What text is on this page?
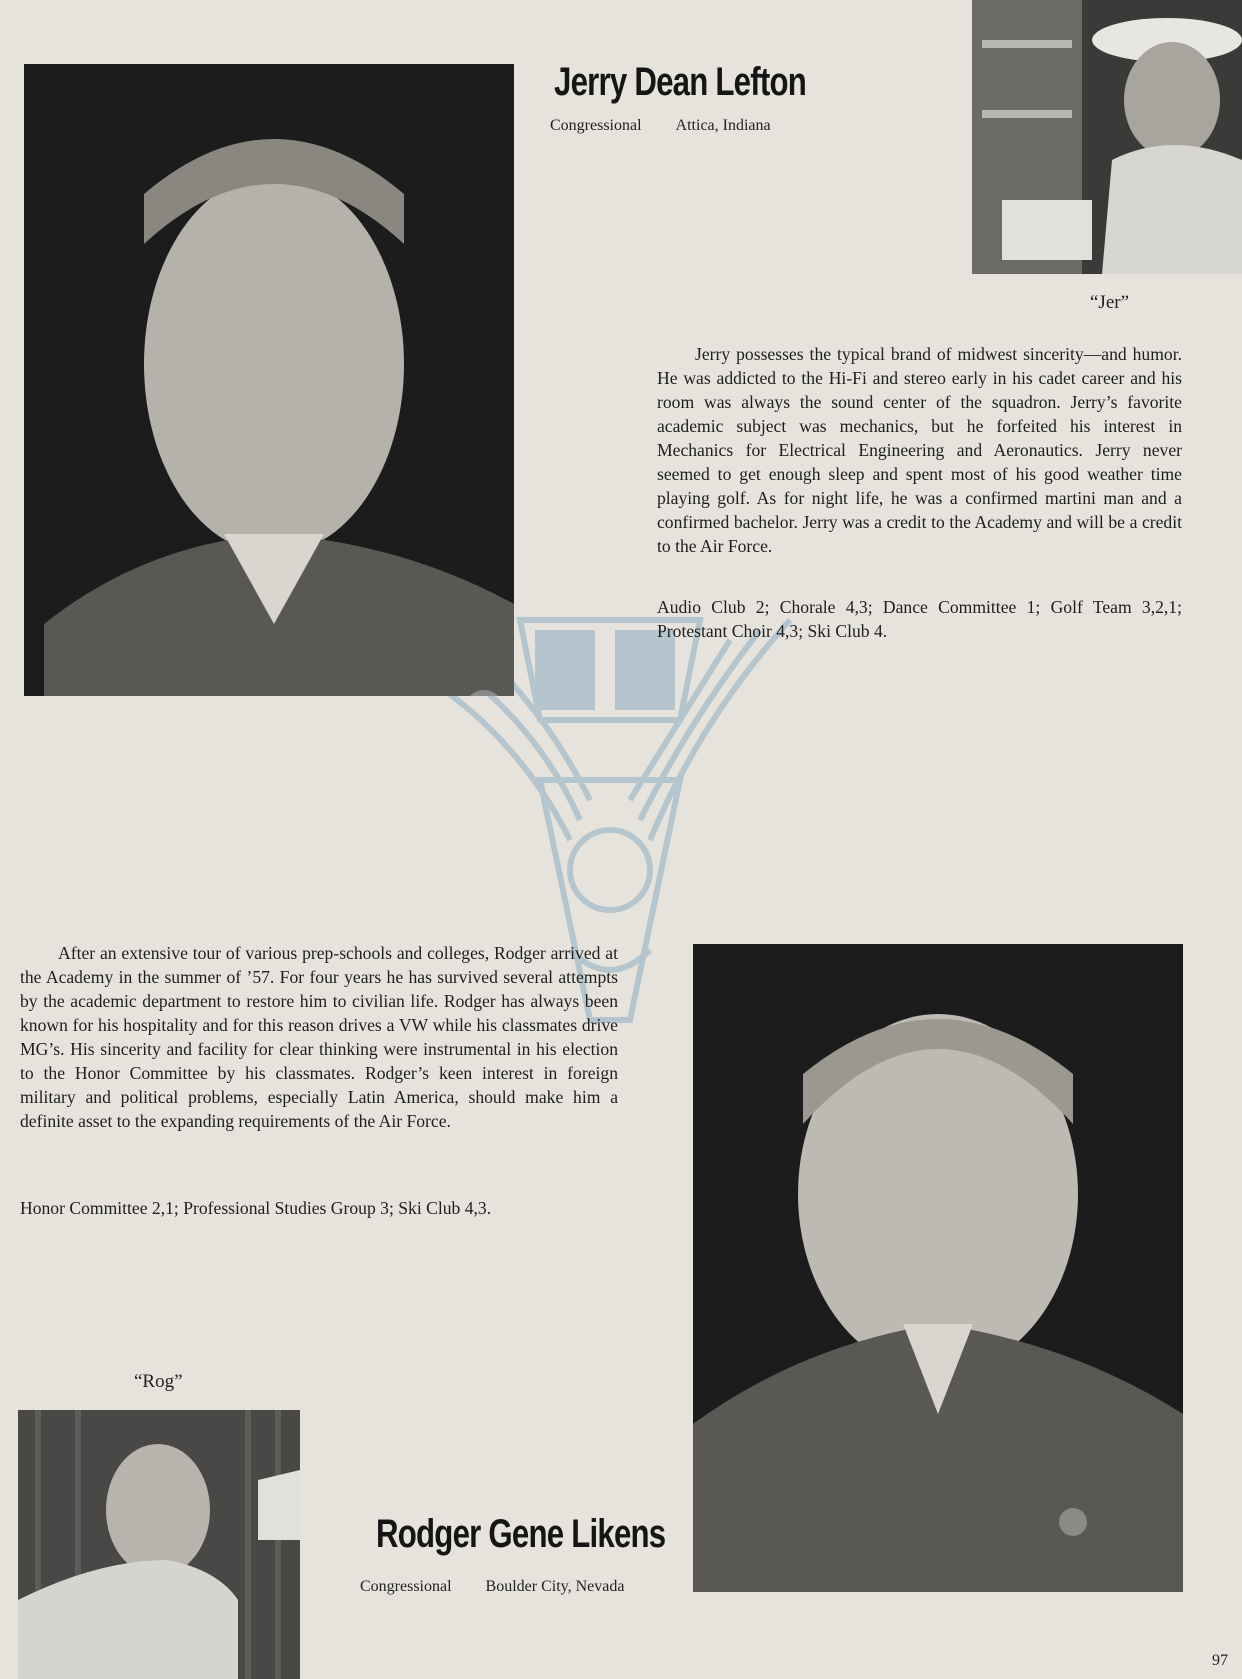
Jerry Dean Lefton
Congressional Attica, Indiana
“Jer”

Jerry possesses the typical brand of midwest sincerity—and humor. He was addicted to the Hi-Fi and stereo early in his cadet career and his room was always the sound center of the squadron. Jerry’s favorite academic subject was mechanics, but he forfeited his interest in Mechanics for Electrical Engineering and Aeronautics. Jerry never seemed to get enough sleep and spent most of his good weather time playing golf. As for night life, he was a confirmed martini man and a confirmed bachelor. Jerry was a credit to the Academy and will be a credit to the Air Force.

Audio Club 2; Chorale 4,3; Dance Committee 1; Golf Team 3,2,1; Protestant Choir 4,3; Ski Club 4.

After an extensive tour of various prep-schools and colleges, Rodger arrived at the Academy in the summer of ’57. For four years he has survived several attempts by the academic department to restore him to civilian life. Rodger has always been known for his hospitality and for this reason drives a VW while his classmates drive MG’s. His sincerity and facility for clear thinking were instrumental in his election to the Honor Committee by his classmates. Rodger’s keen interest in foreign military and political problems, especially Latin America, should make him a definite asset to the expanding requirements of the Air Force.

Honor Committee 2,1; Professional Studies Group 3; Ski Club 4,3.

“Rog”
Rodger Gene Likens
Congressional Boulder City, Nevada
97
